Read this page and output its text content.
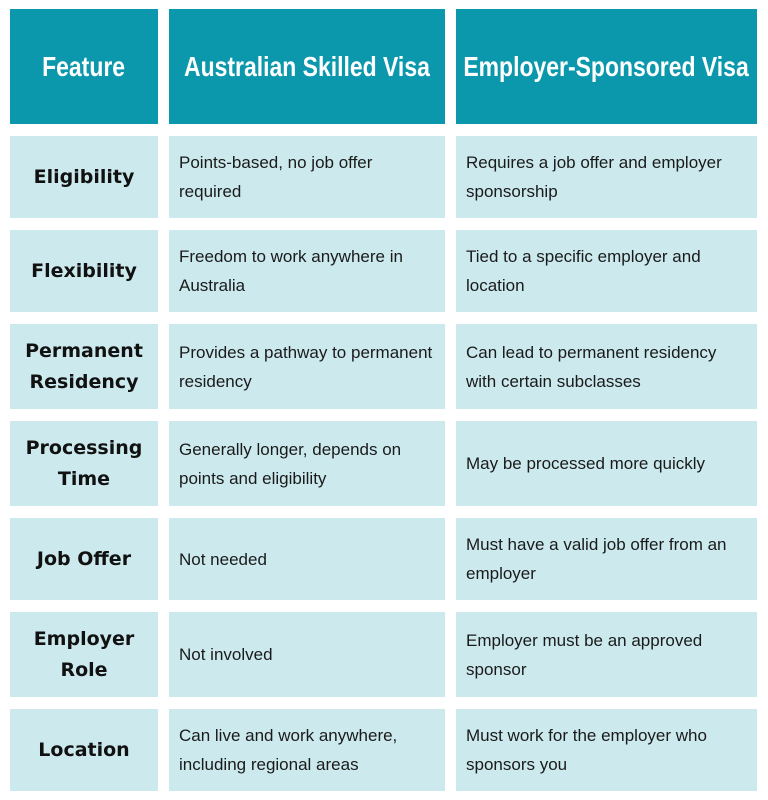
Feature Australian Skilled Visa Employer-Sponsored Visa
Eligibility
Points-based, no job offer required
Requires a job offer and employer sponsorship
Flexibility
Freedom to work anywhere in Australia
Tied to a specific employer and location
Permanent Residency
Provides a pathway to permanent residency
Can lead to permanent residency with certain subclasses
Processing Time
Generally longer, depends on points and eligibility
May be processed more quickly
Job Offer	Not needed
Must have a valid job offer from an employer
Employer Role
Not involved
Employer must be an approved sponsor
Location
Can live and work anywhere, including regional areas
Must work for the employer who sponsors you
